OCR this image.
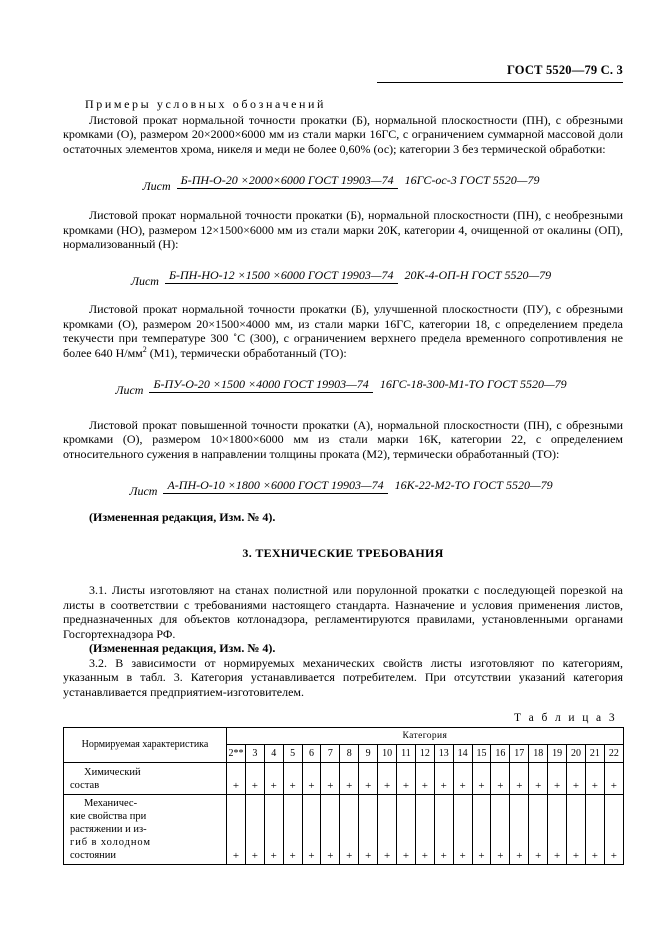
ГОСТ 5520—79 С. 3
Примеры условных обозначений

Листовой прокат нормальной точности прокатки (Б), нормальной плоскостности (ПН), с обрезными кромками (О), размером 20×2000×6000 мм из стали марки 16ГС, с ограничением суммарной массовой доли остаточных элементов хрома, никеля и меди не более 0,60% (ос); категории 3 без термической обработки:

Лист Б-ПН-О-20 ×2000×6000 ГОСТ 19903—74 16ГС-ос-3 ГОСТ 5520—79

Листовой прокат нормальной точности прокатки (Б), нормальной плоскостности (ПН), с необрезными кромками (НО), размером 12×1500×6000 мм из стали марки 20К, категории 4, очищенной от окалины (ОП), нормализованный (Н):

Лист Б-ПН-НО-12 ×1500 ×6000 ГОСТ 19903—74 20К-4-ОП-Н ГОСТ 5520—79

Листовой прокат нормальной точности прокатки (Б), улучшенной плоскостности (ПУ), с обрезными кромками (О), размером 20×1500×4000 мм, из стали марки 16ГС, категории 18, с определением предела текучести при температуре 300 ˚С (300), с ограничением верхнего предела временного сопротивления не более 640 $Н/мм^2$ (М1), термически обработанный (ТО):

Лист Б-ПУ-О-20 ×1500 ×4000 ГОСТ 19903—74 16ГС-18-300-М1-ТО ГОСТ 5520—79

Листовой прокат повышенной точности прокатки (А), нормальной плоскостности (ПН), с обрезными кромками (О), размером 10×1800×6000 мм из стали марки 16К, категории 22, с определением относительного сужения в направлении толщины проката (М2), термически обработанный (ТО):

Лист А-ПН-О-10 ×1800 ×6000 ГОСТ 19903—74 16К-22-М2-ТО ГОСТ 5520—79

(Измененная редакция, Изм. № 4).

3. ТЕХНИЧЕСКИЕ ТРЕБОВАНИЯ

3.1. Листы изготовляют на станах полистной или порулонной прокатки с последующей порезкой на листы в соответствии с требованиями настоящего стандарта. Назначение и условия применения листов, предназначенных для объектов котлонадзора, регламентируются правилами, установленными органами Госгортехнадзора РФ.

(Измененная редакция, Изм. № 4).

3.2. В зависимости от нормируемых механических свойств листы изготовляют по категориям, указанным в табл. 3. Категория устанавливается потребителем. При отсутствии указаний категория устанавливается предприятием-изготовителем.

Т а б л и ц а 3

Нормируемая характеристика	Категория																				
	2**	3	4	5	6	7	8	9	10	11	12	13	14	15	16	17	18	19	20	21	22
Химический
состав	+	+	+	+	+	+	+	+	+	+	+	+	+	+	+	+	+	+	+	+	+
Механичес-
кие свойства при
растяжении и из-
гиб в холодном
состоянии	+	+	+	+	+	+	+	+	+	+	+	+	+	+	+	+	+	+	+	+	+
